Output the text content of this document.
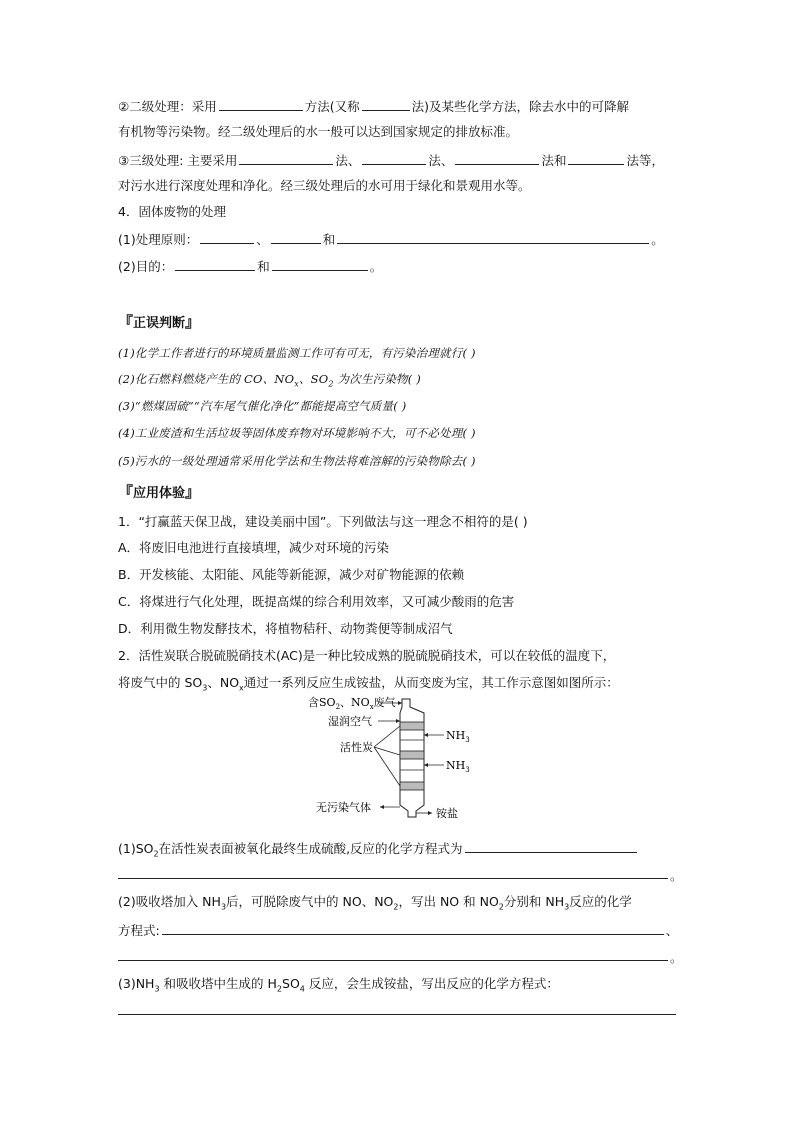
②二级处理：采用	方法(又称	法)及某些化学方法，除去水中的可降解
有机物等污染物。经二级处理后的水一般可以达到国家规定的排放标准。
③三级处理: 主要采用	法、	法、	法和	法等，
对污水进行深度处理和净化。经三级处理后的水可用于绿化和景观用水等。
4．固体废物的处理
(1)处理原则：	、	和	。
(2)目的：	和	。
『正误判断』
(1)化学工作者进行的环境质量监测工作可有可无，有污染治理就行( )
(2)化石燃料燃烧产生的 CO、$NO_x$、$SO_2$ 为次生污染物( )
(3)“燃煤固硫”“汽车尾气催化净化”都能提高空气质量( )
(4)工业废渣和生活垃圾等固体废弃物对环境影响不大，可不必处理( )
(5)污水的一级处理通常采用化学法和生物法将难溶解的污染物除去( )
『应用体验』
1．“打赢蓝天保卫战，建设美丽中国”。下列做法与这一理念不相符的是( )
A．将废旧电池进行直接填埋，减少对环境的污染
B．开发核能、太阳能、风能等新能源，减少对矿物能源的依赖
C．将煤进行气化处理，既提高煤的综合利用效率，又可减少酸雨的危害
D．利用微生物发酵技术，将植物秸秆、动物粪便等制成沼气
2．活性炭联合脱硫脱硝技术(AC)是一种比较成熟的脱硫脱硝技术，可以在较低的温度下，
将废气中的 $SO_3$、$NO_x$通过一系列反应生成铵盐，从而变废为宝，其工作示意图如图所示：
含$SO_2$、$NO_x$废气
湿润空气
活性炭
$NH_3$
$NH_3$
无污染气体	铵盐
$(1)SO_2$在活性炭表面被氧化最终生成硫酸,反应的化学方程式为
。
(2)吸收塔加入 $NH_3$后，可脱除废气中的 NO、$NO_2$，写出 NO 和 $NO_2$分别和 $NH_3$反应的化学
方程式:	、
。
$(3)NH_3$ 和吸收塔中生成的 $H_2SO_4$ 反应，会生成铵盐，写出反应的化学方程式：
